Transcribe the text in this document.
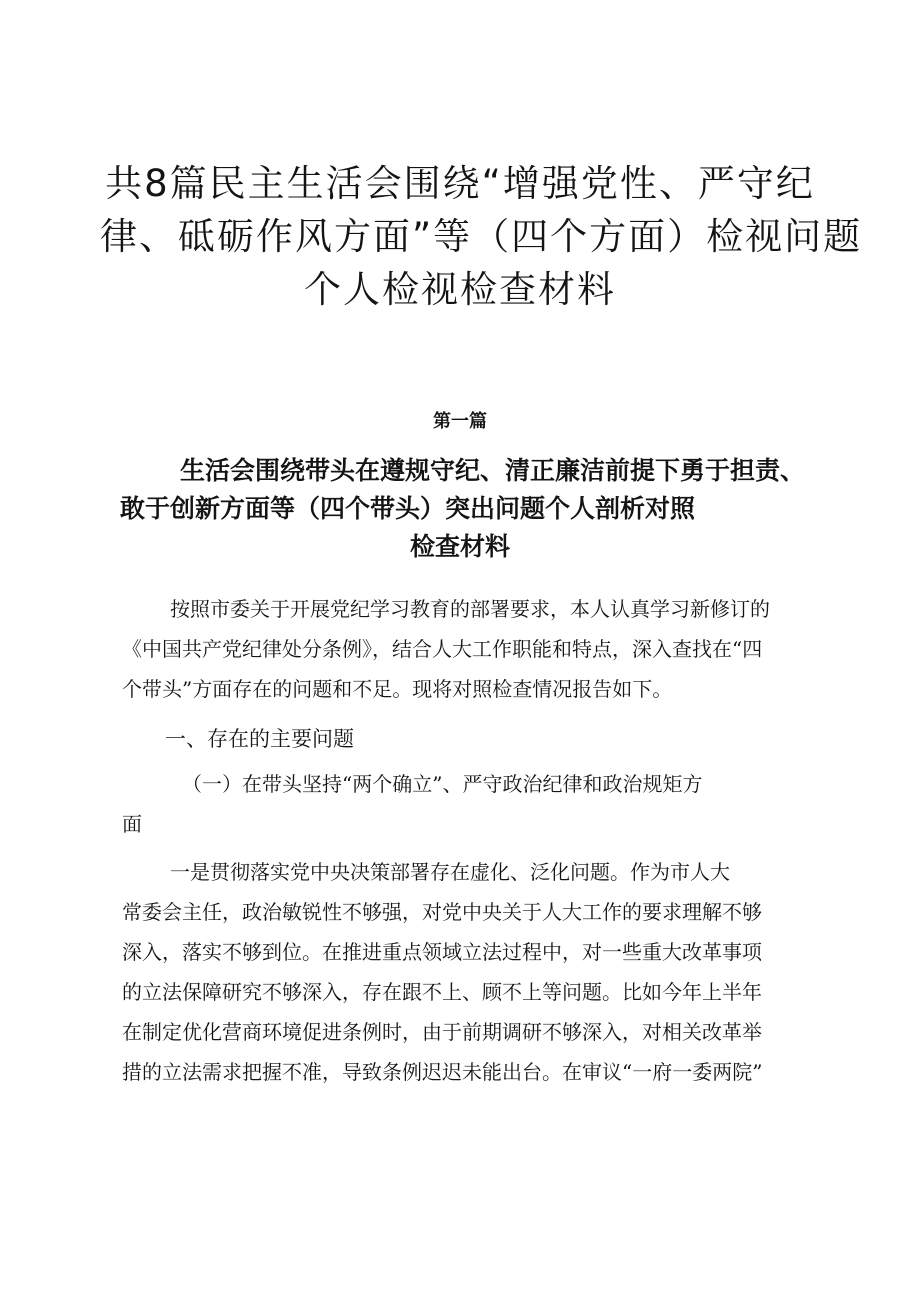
共8篇民主生活会围绕“增强党性、严守纪
律、砥砺作风方面”等（四个方面）检视问题
个人检视检查材料
第一篇
生活会围绕带头在遵规守纪、清正廉洁前提下勇于担责、
敢于创新方面等（四个带头）突出问题个人剖析对照
检查材料

按照市委关于开展党纪学习教育的部署要求，本人认真学习新修订的
《中国共产党纪律处分条例》，结合人大工作职能和特点，深入查找在“四
个带头”方面存在的问题和不足。现将对照检查情况报告如下。

一、存在的主要问题
（一）在带头坚持“两个确立”、严守政治纪律和政治规矩方
面

一是贯彻落实党中央决策部署存在虚化、泛化问题。作为市人大
常委会主任，政治敏锐性不够强，对党中央关于人大工作的要求理解不够
深入，落实不够到位。在推进重点领域立法过程中，对一些重大改革事项
的立法保障研究不够深入，存在跟不上、顾不上等问题。比如今年上半年
在制定优化营商环境促进条例时，由于前期调研不够深入，对相关改革举
措的立法需求把握不准，导致条例迟迟未能出台。在审议“一府一委两院”
